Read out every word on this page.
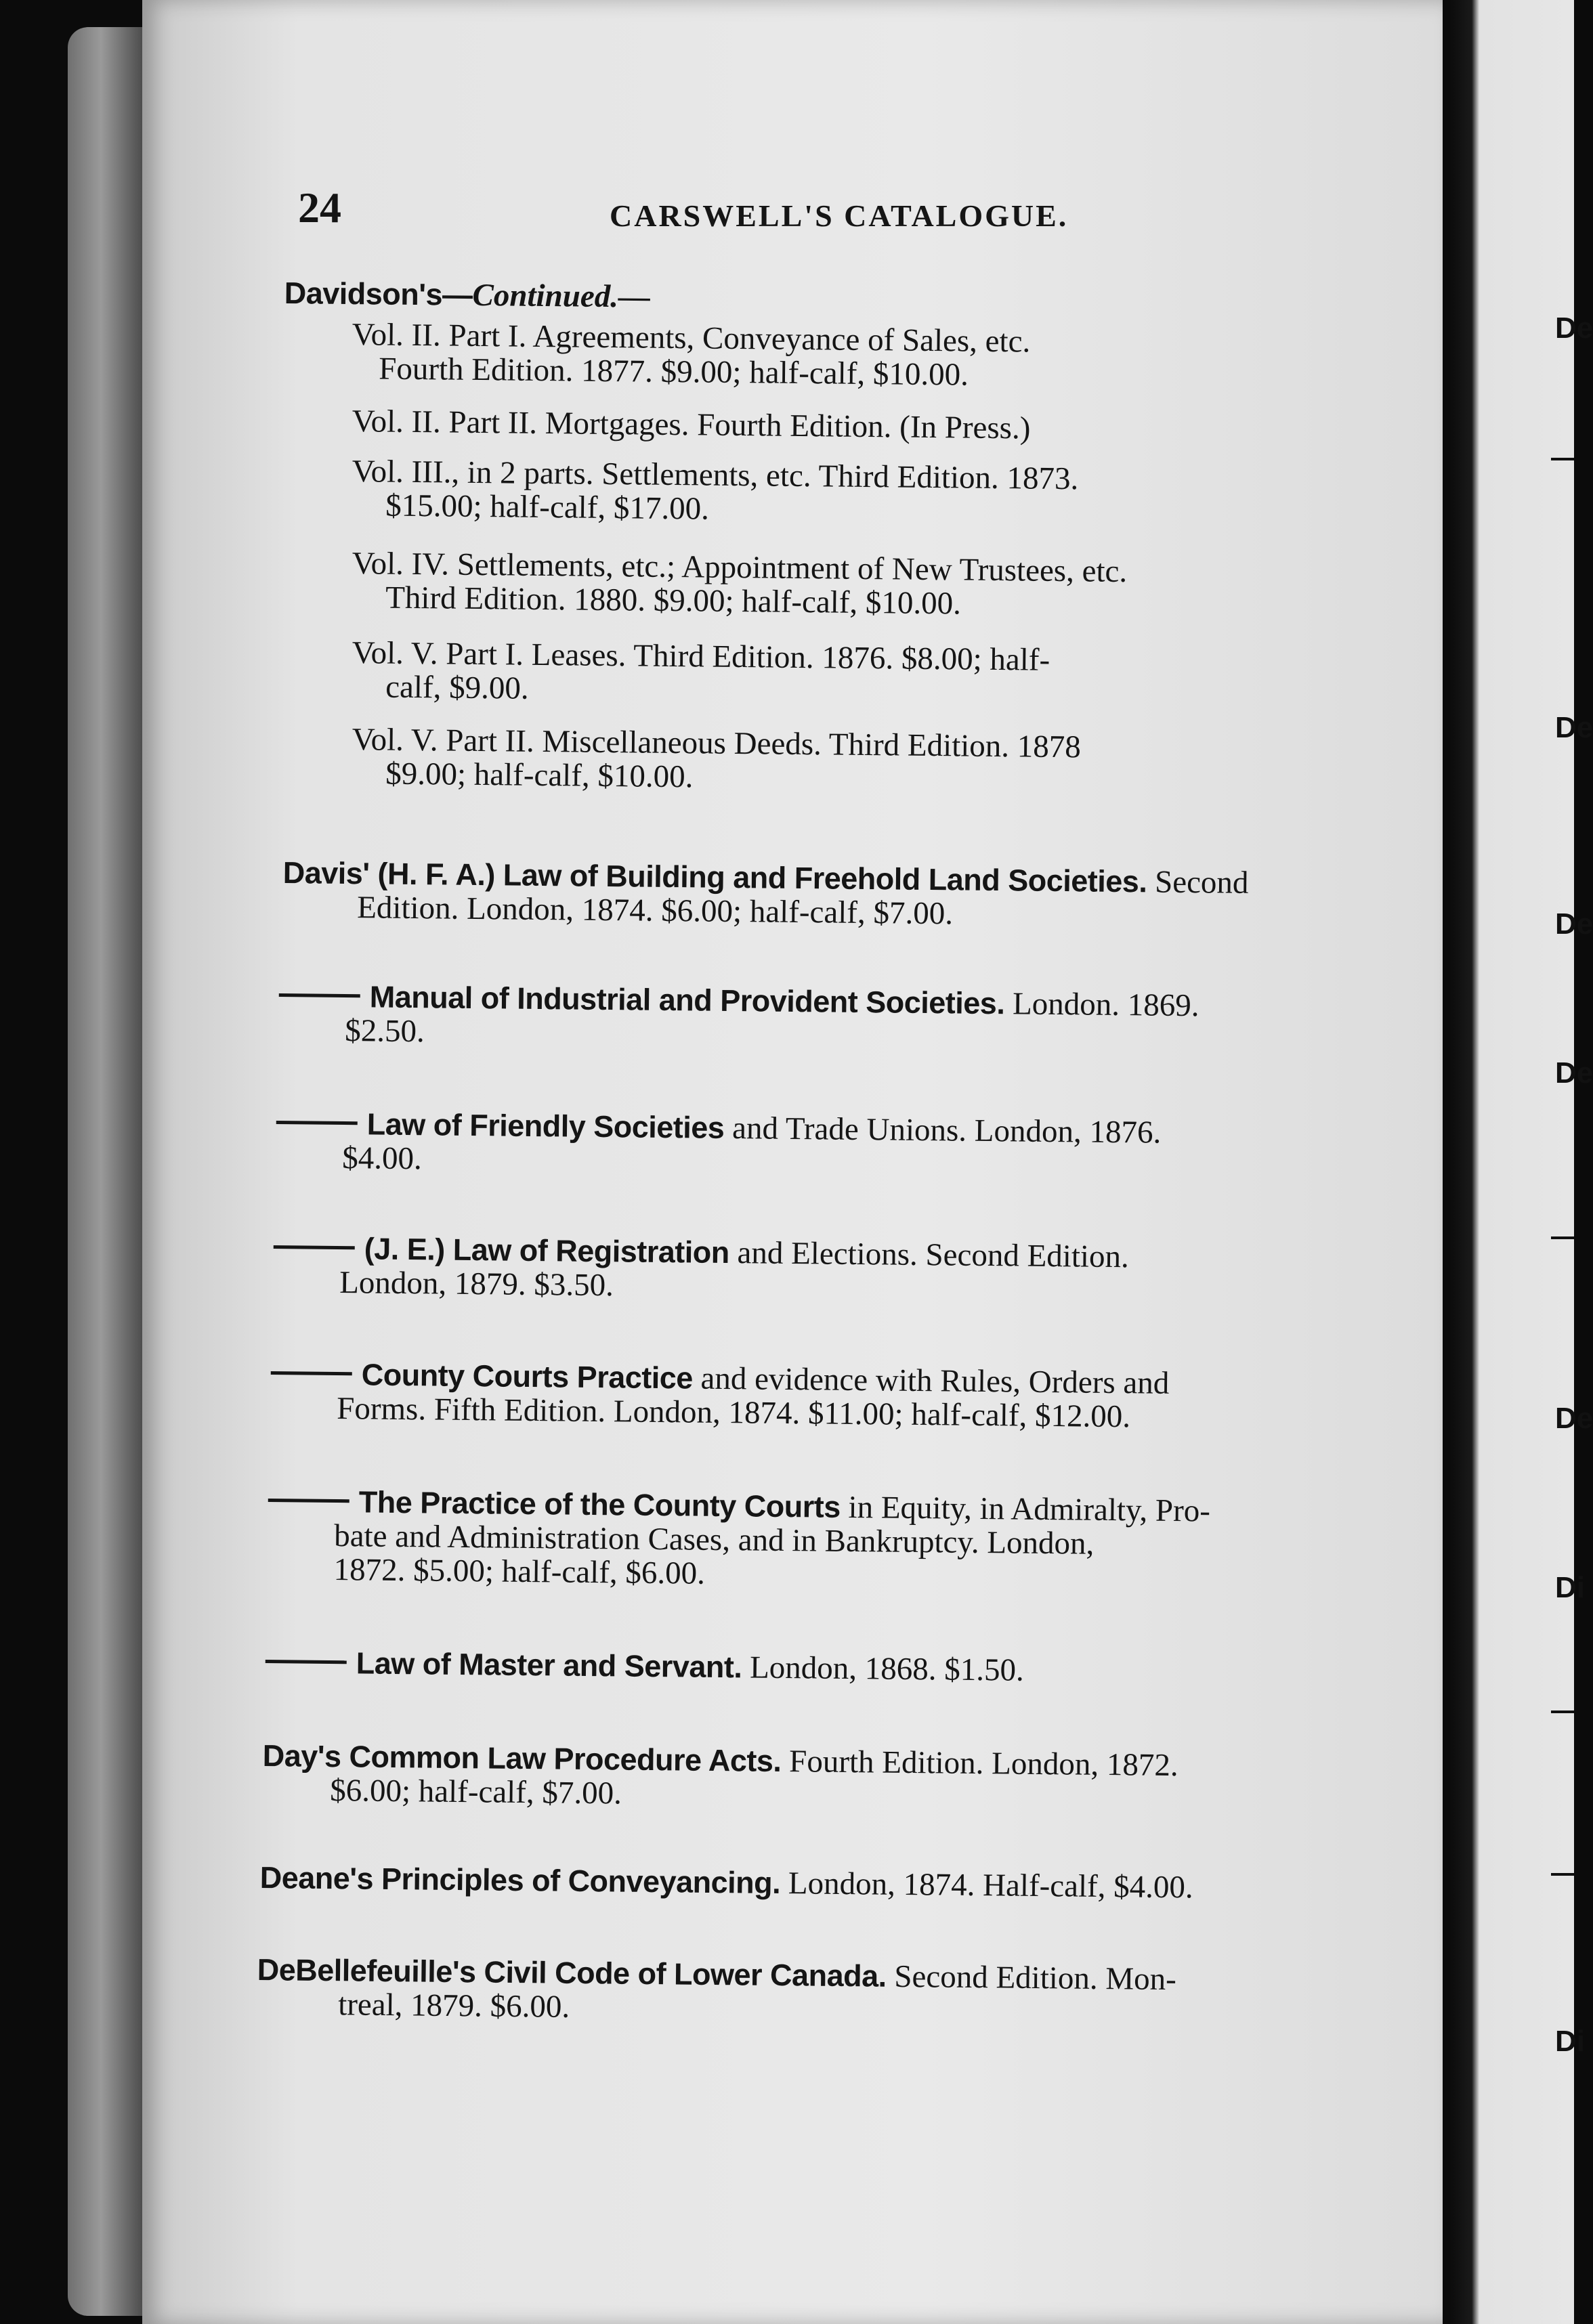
De
De
De
De
De
Di
Di
24	CARSWELL'S CATALOGUE.
Davidson's—Continued.—
Vol. II. Part I. Agreements, Conveyance of Sales, etc.
Fourth Edition. 1877. $9.00; half-calf, $10.00.
Vol. II. Part II. Mortgages. Fourth Edition. (In Press.)
Vol. III., in 2 parts. Settlements, etc. Third Edition. 1873.
$15.00; half-calf, $17.00.
Vol. IV. Settlements, etc.; Appointment of New Trustees, etc.
Third Edition. 1880. $9.00; half-calf, $10.00.
Vol. V. Part I. Leases. Third Edition. 1876. $8.00; half-
calf, $9.00.
Vol. V. Part II. Miscellaneous Deeds. Third Edition. 1878
$9.00; half-calf, $10.00.
Davis' (H. F. A.) Law of Building and Freehold Land Societies. Second
Edition. London, 1874. $6.00; half-calf, $7.00.
Manual of Industrial and Provident Societies. London. 1869.
$2.50.
Law of Friendly Societies and Trade Unions. London, 1876.
$4.00.
(J. E.) Law of Registration and Elections. Second Edition.
London, 1879. $3.50.
County Courts Practice and evidence with Rules, Orders and
Forms. Fifth Edition. London, 1874. $11.00; half-calf, $12.00.
The Practice of the County Courts in Equity, in Admiralty, Pro-
bate and Administration Cases, and in Bankruptcy. London,
1872. $5.00; half-calf, $6.00.
Law of Master and Servant. London, 1868. $1.50.
Day's Common Law Procedure Acts. Fourth Edition. London, 1872.
$6.00; half-calf, $7.00.
Deane's Principles of Conveyancing. London, 1874. Half-calf, $4.00.
DeBellefeuille's Civil Code of Lower Canada. Second Edition. Mon-
treal, 1879. $6.00.
